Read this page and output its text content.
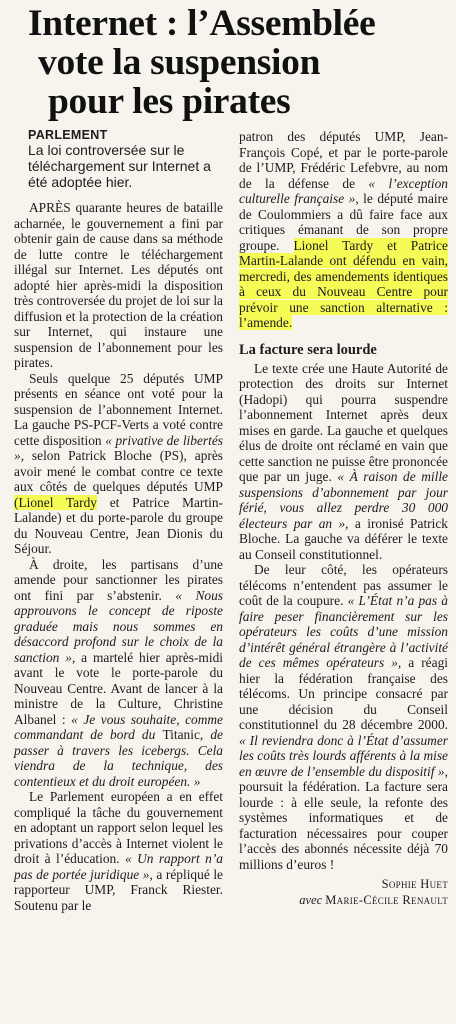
Internet : l’Assemblée
vote la suspension
pour les pirates
PARLEMENT
La loi controversée sur le téléchargement sur Internet a été adoptée hier.

APRÈS quarante heures de bataille acharnée, le gouvernement a fini par obtenir gain de cause dans sa méthode de lutte contre le téléchargement illégal sur Internet. Les députés ont adopté hier après-midi la disposition très controversée du projet de loi sur la diffusion et la protection de la création sur Internet, qui instaure une suspension de l’abonnement pour les pirates.

Seuls quelque 25 députés UMP présents en séance ont voté pour la suspension de l’abonnement Internet. La gauche PS-PCF-Verts a voté contre cette disposition « privative de libertés », selon Patrick Bloche (PS), après avoir mené le combat contre ce texte aux côtés de quelques députés UMP (Lionel Tardy et Patrice Martin-Lalande) et du porte-parole du groupe du Nouveau Centre, Jean Dionis du Séjour.

À droite, les partisans d’une amende pour sanctionner les pirates ont fini par s’abstenir. « Nous approuvons le concept de riposte graduée mais nous sommes en désaccord profond sur le choix de la sanction », a martelé hier après-midi avant le vote le porte-parole du Nouveau Centre. Avant de lancer à la ministre de la Culture, Christine Albanel : « Je vous souhaite, comme commandant de bord du Titanic, de passer à travers les icebergs. Cela viendra de la technique, des contentieux et du droit européen. »

Le Parlement européen a en effet compliqué la tâche du gouvernement en adoptant un rapport selon lequel les privations d’accès à Internet violent le droit à l’éducation. « Un rapport n’a pas de portée juridique », a répliqué le rapporteur UMP, Franck Riester. Soutenu par le

patron des députés UMP, Jean-François Copé, et par le porte-parole de l’UMP, Frédéric Lefebvre, au nom de la défense de « l’exception culturelle française », le député maire de Coulommiers a dû faire face aux critiques émanant de son propre groupe. Lionel Tardy et Patrice Martin-Lalande ont défendu en vain, mercredi, des amendements identiques à ceux du Nouveau Centre pour prévoir une sanction alternative : l’amende.

La facture sera lourde

Le texte crée une Haute Autorité de protection des droits sur Internet (Hadopi) qui pourra suspendre l’abonnement Internet après deux mises en garde. La gauche et quelques élus de droite ont réclamé en vain que cette sanction ne puisse être prononcée que par un juge. « À raison de mille suspensions d’abonnement par jour férié, vous allez perdre 30 000 électeurs par an », a ironisé Patrick Bloche. La gauche va déférer le texte au Conseil constitutionnel.

De leur côté, les opérateurs télécoms n’entendent pas assumer le coût de la coupure. « L’État n’a pas à faire peser financièrement sur les opérateurs les coûts d’une mission d’intérêt général étrangère à l’activité de ces mêmes opérateurs », a réagi hier la fédération française des télécoms. Un principe consacré par une décision du Conseil constitutionnel du 28 décembre 2000. « Il reviendra donc à l’État d’assumer les coûts très lourds afférents à la mise en œuvre de l’ensemble du dispositif », poursuit la fédération. La facture sera lourde : à elle seule, la refonte des systèmes informatiques et de facturation nécessaires pour couper l’accès des abonnés nécessite déjà 70 millions d’euros !

Sophie Huet
avec Marie-Cécile Renault
